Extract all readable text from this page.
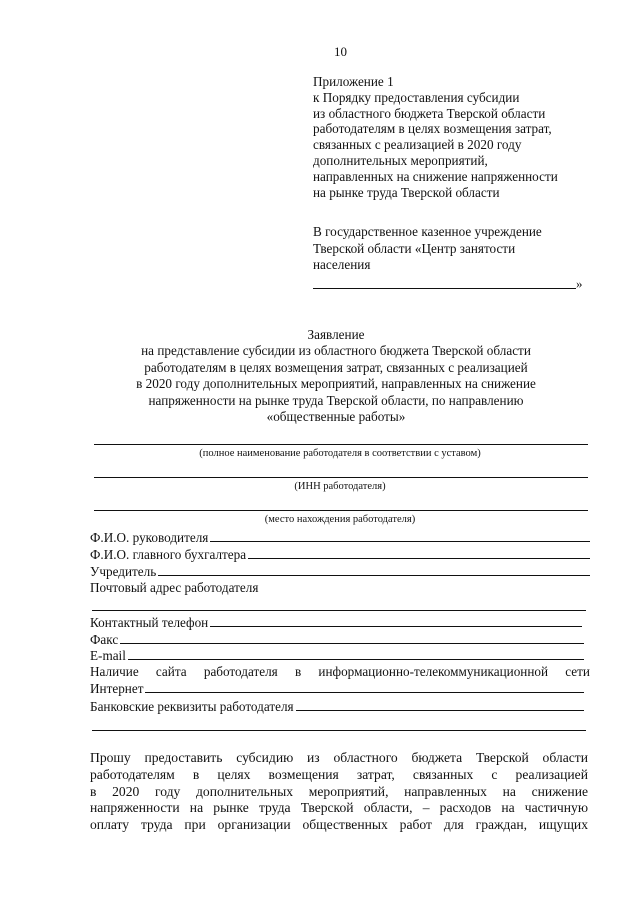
10
Приложение 1
к Порядку предоставления субсидии
из областного бюджета Тверской области
работодателям в целях возмещения затрат,
связанных с реализацией в 2020 году
дополнительных мероприятий,
направленных на снижение напряженности
на рынке труда Тверской области
В государственное казенное учреждение
Тверской области «Центр занятости
населения
»
Заявление
на представление субсидии из областного бюджета Тверской области
работодателям в целях возмещения затрат, связанных с реализацией
в 2020 году дополнительных мероприятий, направленных на снижение
напряженности на рынке труда Тверской области, по направлению
«общественные работы»
(полное наименование работодателя в соответствии с уставом)
(ИНН работодателя)
(место нахождения работодателя)
Ф.И.О. руководителя
Ф.И.О. главного бухгалтера
Учредитель
Почтовый адрес работодателя
Контактный телефон
Факс
E-mail
Наличие сайта работодателя в информационно-телекоммуникационной сети
Интернет
Банковские реквизиты работодателя
Прошу предоставить субсидию из областного бюджета Тверской области
работодателям в целях возмещения затрат, связанных с реализацией
в 2020 году дополнительных мероприятий, направленных на снижение
напряженности на рынке труда Тверской области, – расходов на частичную
оплату труда при организации общественных работ для граждан, ищущих
